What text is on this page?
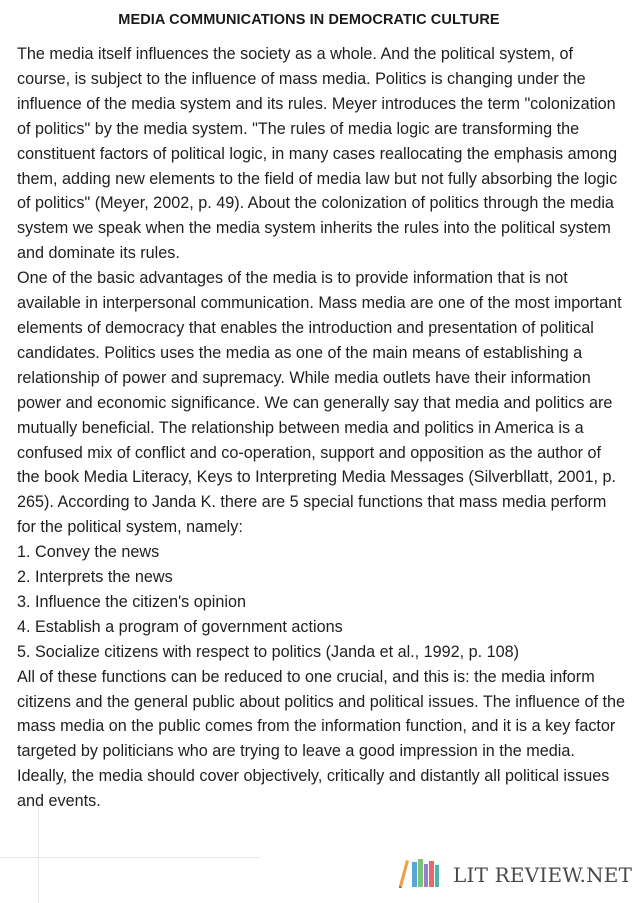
MEDIA COMMUNICATIONS IN DEMOCRATIC CULTURE

The media itself influences the society as a whole. And the political system, of course, is subject to the influence of mass media. Politics is changing under the influence of the media system and its rules. Meyer introduces the term "colonization of politics" by the media system. "The rules of media logic are transforming the constituent factors of political logic, in many cases reallocating the emphasis among them, adding new elements to the field of media law but not fully absorbing the logic of politics" (Meyer, 2002, p. 49). About the colonization of politics through the media system we speak when the media system inherits the rules into the political system and dominate its rules.

One of the basic advantages of the media is to provide information that is not available in interpersonal communication. Mass media are one of the most important elements of democracy that enables the introduction and presentation of political candidates. Politics uses the media as one of the main means of establishing a relationship of power and supremacy. While media outlets have their information power and economic significance. We can generally say that media and politics are mutually beneficial. The relationship between media and politics in America is a confused mix of conflict and co-operation, support and opposition as the author of the book Media Literacy, Keys to Interpreting Media Messages (Silverbllatt, 2001, p. 265). According to Janda K. there are 5 special functions that mass media perform for the political system, namely:

1. Convey the news

2. Interprets the news

3. Influence the citizen's opinion

4. Establish a program of government actions

5. Socialize citizens with respect to politics (Janda et al., 1992, p. 108)

All of these functions can be reduced to one crucial, and this is: the media inform citizens and the general public about politics and political issues. The influence of the mass media on the public comes from the information function, and it is a key factor targeted by politicians who are trying to leave a good impression in the media. Ideally, the media should cover objectively, critically and distantly all political issues and events.

LIT REVIEW.NET
